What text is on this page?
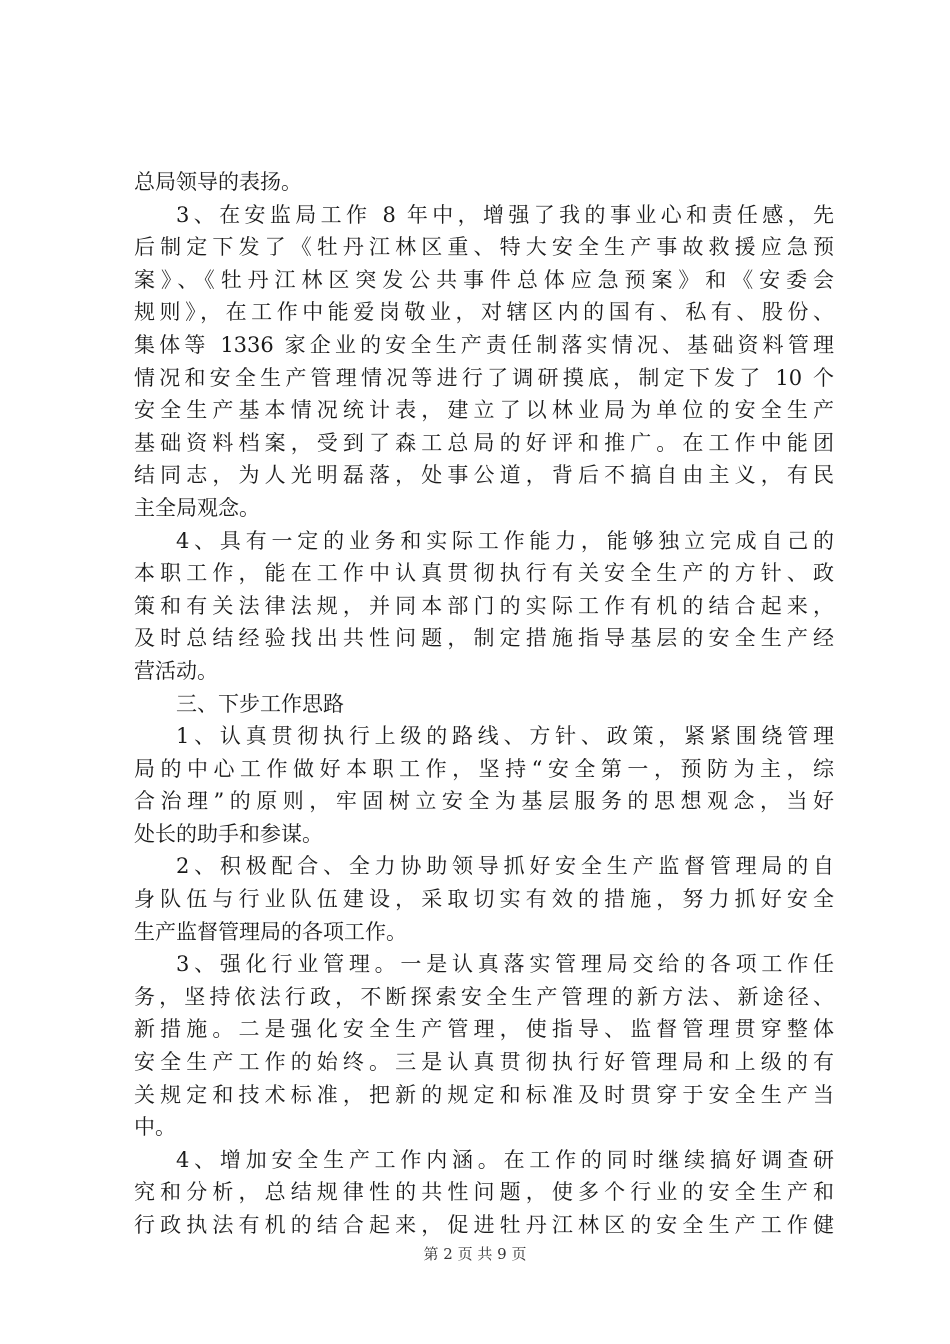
总局领导的表扬。
3、在安监局工作 8 年中，增强了我的事业心和责任感，先
后制定下发了《牡丹江林区重、特大安全生产事故救援应急预
案》、《牡丹江林区突发公共事件总体应急预案》和《安委会
规则》，在工作中能爱岗敬业，对辖区内的国有、私有、股份、
集体等 1336 家企业的安全生产责任制落实情况、基础资料管理
情况和安全生产管理情况等进行了调研摸底，制定下发了 10 个
安全生产基本情况统计表，建立了以林业局为单位的安全生产
基础资料档案，受到了森工总局的好评和推广。在工作中能团
结同志，为人光明磊落，处事公道，背后不搞自由主义，有民
主全局观念。
4、具有一定的业务和实际工作能力，能够独立完成自己的
本职工作，能在工作中认真贯彻执行有关安全生产的方针、政
策和有关法律法规，并同本部门的实际工作有机的结合起来，
及时总结经验找出共性问题，制定措施指导基层的安全生产经
营活动。
三、下步工作思路
1、认真贯彻执行上级的路线、方针、政策，紧紧围绕管理
局的中心工作做好本职工作，坚持“安全第一，预防为主，综
合治理”的原则，牢固树立安全为基层服务的思想观念，当好
处长的助手和参谋。
2、积极配合、全力协助领导抓好安全生产监督管理局的自
身队伍与行业队伍建设，采取切实有效的措施，努力抓好安全
生产监督管理局的各项工作。
3、强化行业管理。一是认真落实管理局交给的各项工作任
务，坚持依法行政，不断探索安全生产管理的新方法、新途径、
新措施。二是强化安全生产管理，使指导、监督管理贯穿整体
安全生产工作的始终。三是认真贯彻执行好管理局和上级的有
关规定和技术标准，把新的规定和标准及时贯穿于安全生产当
中。
4、增加安全生产工作内涵。在工作的同时继续搞好调查研
究和分析，总结规律性的共性问题，使多个行业的安全生产和
行政执法有机的结合起来，促进牡丹江林区的安全生产工作健
第 2 页 共 9 页
